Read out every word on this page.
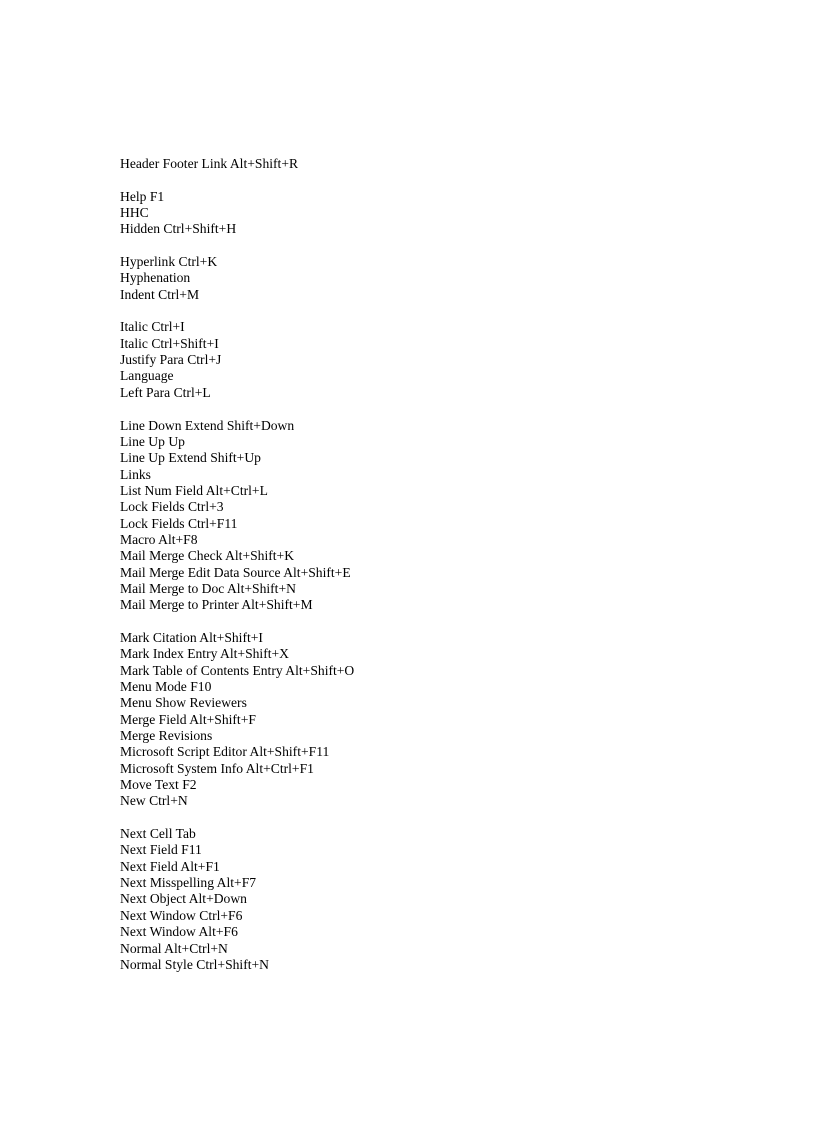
Header Footer Link Alt+Shift+R
Help F1
HHC
Hidden Ctrl+Shift+H
Hyperlink Ctrl+K
Hyphenation
Indent Ctrl+M
Italic Ctrl+I
Italic Ctrl+Shift+I
Justify Para Ctrl+J
Language
Left Para Ctrl+L
Line Down Extend Shift+Down
Line Up Up
Line Up Extend Shift+Up
Links
List Num Field Alt+Ctrl+L
Lock Fields Ctrl+3
Lock Fields Ctrl+F11
Macro Alt+F8
Mail Merge Check Alt+Shift+K
Mail Merge Edit Data Source Alt+Shift+E
Mail Merge to Doc Alt+Shift+N
Mail Merge to Printer Alt+Shift+M
Mark Citation Alt+Shift+I
Mark Index Entry Alt+Shift+X
Mark Table of Contents Entry Alt+Shift+O
Menu Mode F10
Menu Show Reviewers
Merge Field Alt+Shift+F
Merge Revisions
Microsoft Script Editor Alt+Shift+F11
Microsoft System Info Alt+Ctrl+F1
Move Text F2
New Ctrl+N
Next Cell Tab
Next Field F11
Next Field Alt+F1
Next Misspelling Alt+F7
Next Object Alt+Down
Next Window Ctrl+F6
Next Window Alt+F6
Normal Alt+Ctrl+N
Normal Style Ctrl+Shift+N
